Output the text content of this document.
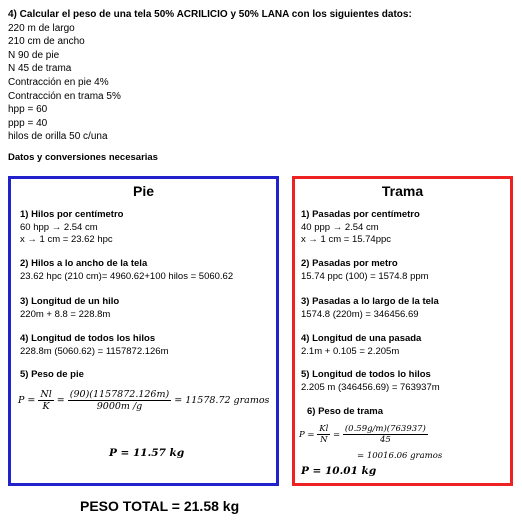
4) Calcular el peso de una tela 50% ACRILICIO y 50% LANA con los siguientes datos:
220 m de largo
210 cm de ancho
N 90 de pie
N 45 de trama
Contracción en pie 4%
Contracción en trama 5%
hpp = 60
ppp = 40
hilos de orilla 50 c/una
Datos y conversiones necesarias
Pie
1) Hilos por centímetro
60 hpp → 2.54 cm
x → 1 cm = 23.62 hpc
2) Hilos a lo ancho de la tela
23.62 hpc (210 cm)= 4960.62+100 hilos = 5060.62
3) Longitud de un hilo
220m + 8.8 = 228.8m
4) Longitud de todos los hilos
228.8m (5060.62) = 1157872.126m
5) Peso de pie
$P = \frac{Nl}{K} = \frac{(90)(1157872.126m)}{9000m /g} = 11578.72$ gramos
P = 11.57 kg
Trama
1) Pasadas por centímetro
40 ppp → 2.54 cm
x → 1 cm = 15.74ppc
2) Pasadas por metro
15.74 ppc (100) = 1574.8 ppm
3) Pasadas a lo largo de la tela
1574.8 (220m) = 346456.69
4) Longitud de una pasada
2.1m + 0.105 = 2.205m
5) Longitud de todos lo hilos
2.205 m (346456.69) = 763937m
6) Peso de trama
$P = \frac{Kl}{N} = \frac{(0.59g/m)(763937)}{45}$
= 10016.06 gramos
P = 10.01 kg
PESO TOTAL = 21.58 kg
